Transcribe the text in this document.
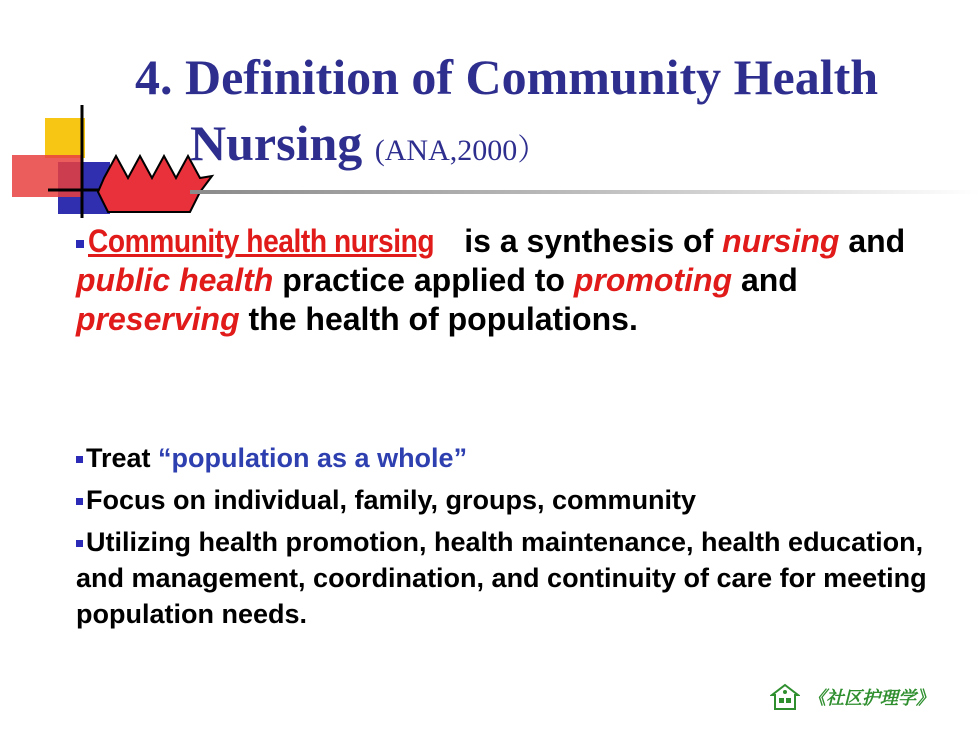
4. Definition of Community Health
Nursing (ANA,2000）
Community health nursing is a synthesis of nursing and public health practice applied to promoting and preserving the health of populations.
Treat “population as a whole”
Focus on individual, family, groups, community
Utilizing health promotion, health maintenance, health education, and management, coordination, and continuity of care for meeting population needs.
《社区护理学》
